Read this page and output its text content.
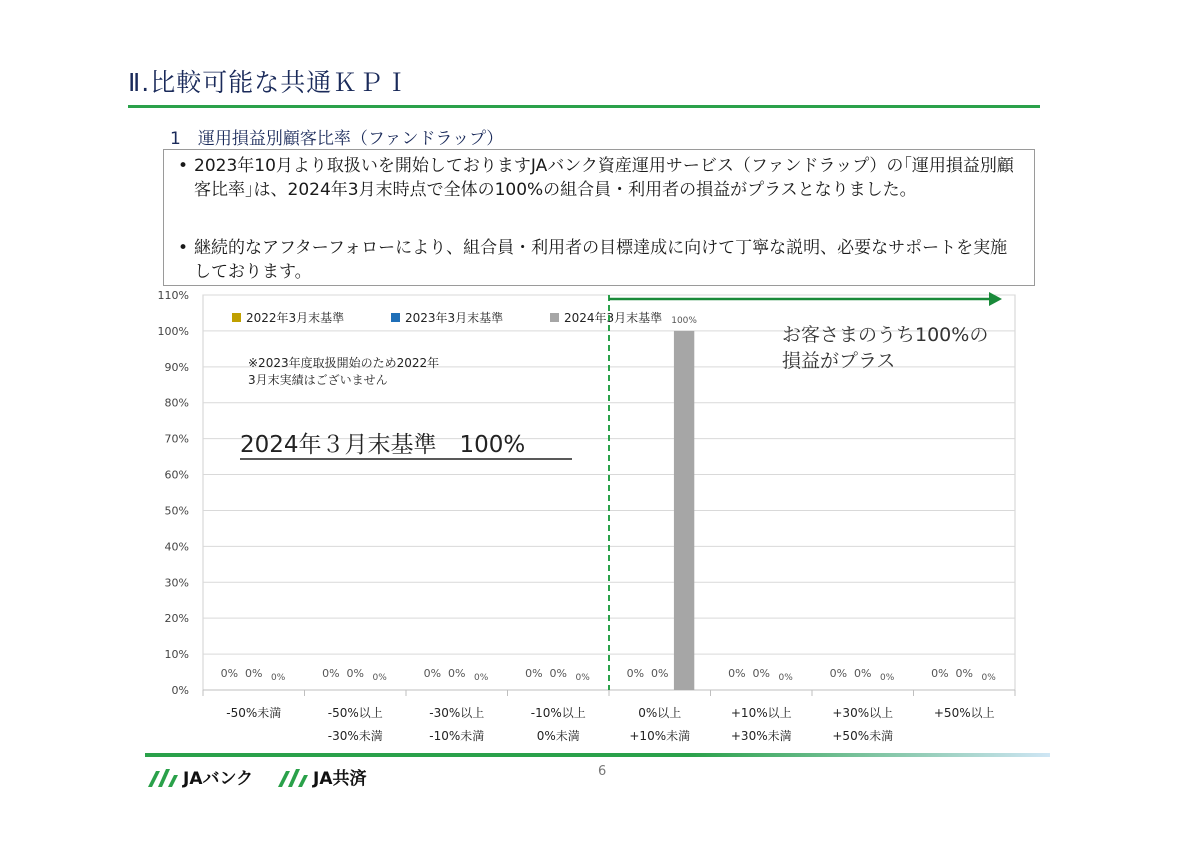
Ⅱ.比較可能な共通ＫＰＩ
1　運用損益別顧客比率（ファンドラップ）
• 2023年10月より取扱いを開始しておりますJAバンク資産運用サービス（ファンドラップ）の｢運用損益別顧客比率｣は、2024年3月末時点で全体の100%の組合員・利用者の損益がプラスとなりました。
• 継続的なアフターフォローにより、組合員・利用者の目標達成に向けて丁寧な説明、必要なサポートを実施しております。
0%
10%
20%
30%
40%
50%
60%
70%
80%
90%
100%
110%
0% 0% 0%
-50%未満
0% 0% 0%
-50%以上
-30%未満
0% 0% 0%
-30%以上
-10%未満
0% 0% 0%
-10%以上
0%未満
0% 0%
100%
0%以上
+10%未満
0% 0% 0%
+10%以上
+30%未満
0% 0% 0%
+30%以上
+50%未満
0% 0% 0%
+50%以上
2022年3月末基準	2023年3月末基準	2024年3月末基準
※2023年度取扱開始のため2022年
3月末実績はございません
2024年３月末基準　100%
お客さまのうち100%の
損益がプラス
6
JAバンク	JA共済
